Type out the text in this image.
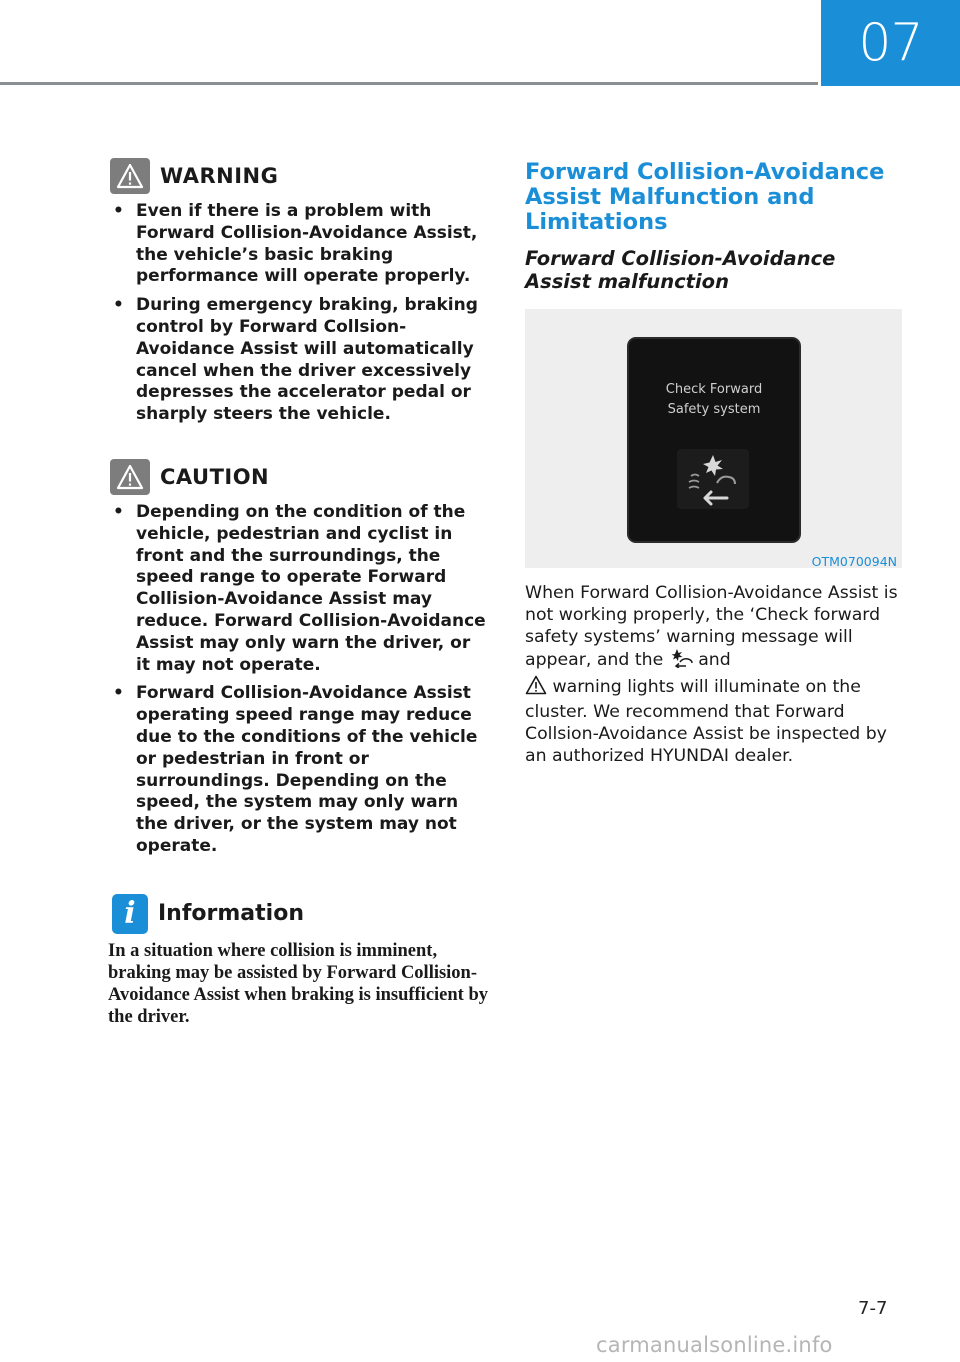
07
WARNING
• Even if there is a problem with Forward Collision-Avoidance Assist, the vehicle’s basic braking performance will operate properly.
• During emergency braking, braking control by Forward Collsion-Avoidance Assist will automatically cancel when the driver excessively depresses the accelerator pedal or sharply steers the vehicle.
CAUTION
• Depending on the condition of the vehicle, pedestrian and cyclist in front and the surroundings, the speed range to operate Forward Collision-Avoidance Assist may reduce. Forward Collision-Avoidance Assist may only warn the driver, or it may not operate.
• Forward Collision-Avoidance Assist operating speed range may reduce due to the conditions of the vehicle or pedestrian in front or surroundings. Depending on the speed, the system may only warn the driver, or the system may not operate.
i	Information
In a situation where collision is imminent, braking may be assisted by Forward Collision-Avoidance Assist when braking is insufficient by the driver.
Forward Collision-Avoidance Assist Malfunction and Limitations
Forward Collision-Avoidance Assist malfunction
Check Forward
Safety system
OTM070094N
When Forward Collision-Avoidance Assist is not working properly, the ‘Check forward safety systems’ warning message will appear, and the and
warning lights will illuminate on the cluster. We recommend that Forward Collsion-Avoidance Assist be inspected by an authorized HYUNDAI dealer.
7-7
carmanualsonline.info
